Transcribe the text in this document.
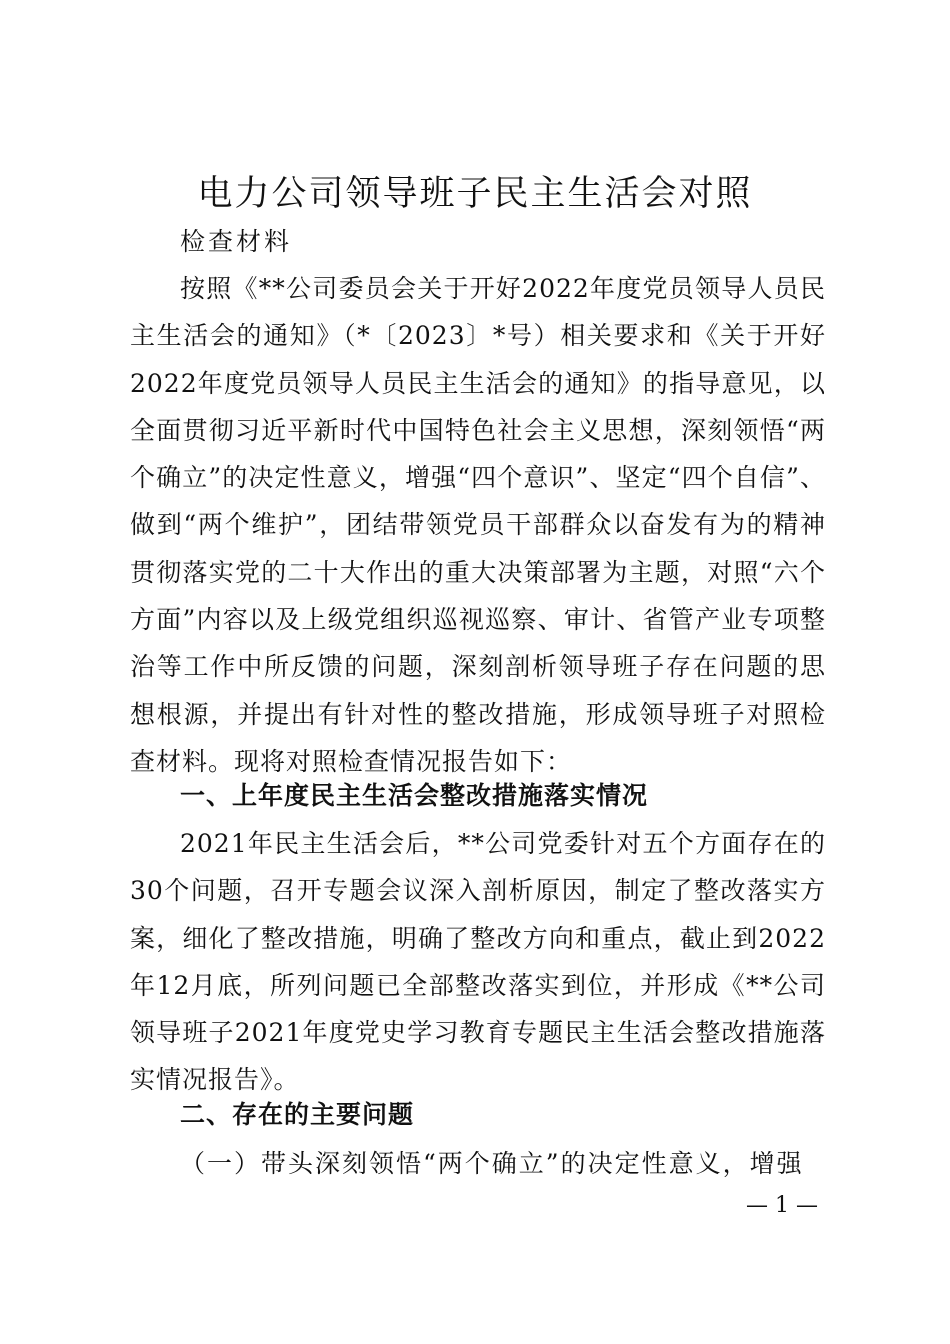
电力公司领导班子民主生活会对照
检查材料

按照《**公司委员会关于开好2022年度党员领导人员民主生活会的通知》（*〔2023〕*号）相关要求和《关于开好2022年度党员领导人员民主生活会的通知》的指导意见，以全面贯彻习近平新时代中国特色社会主义思想，深刻领悟“两个确立”的决定性意义，增强“四个意识”、坚定“四个自信”、做到“两个维护”，团结带领党员干部群众以奋发有为的精神贯彻落实党的二十大作出的重大决策部署为主题，对照“六个方面”内容以及上级党组织巡视巡察、审计、省管产业专项整治等工作中所反馈的问题，深刻剖析领导班子存在问题的思想根源，并提出有针对性的整改措施，形成领导班子对照检查材料。现将对照检查情况报告如下：

一、上年度民主生活会整改措施落实情况

2021年民主生活会后，**公司党委针对五个方面存在的30个问题，召开专题会议深入剖析原因，制定了整改落实方案，细化了整改措施，明确了整改方向和重点，截止到2022年12月底，所列问题已全部整改落实到位，并形成《**公司领导班子2021年度党史学习教育专题民主生活会整改措施落实情况报告》。

二、存在的主要问题

（一）带头深刻领悟“两个确立”的决定性意义，增强

— 1 —
